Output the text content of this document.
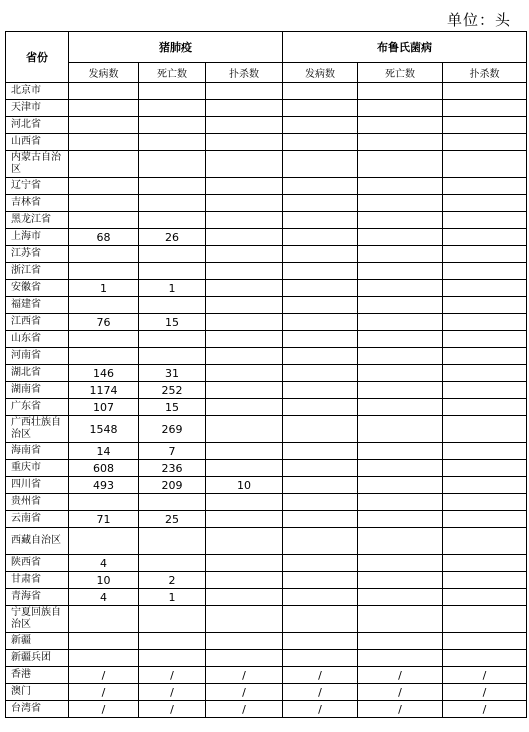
单位：头
省份	猪肺疫			布鲁氏菌病		
	发病数	死亡数	扑杀数	发病数	死亡数	扑杀数
北京市						
天津市						
河北省						
山西省						
内蒙古自治区						
辽宁省						
吉林省						
黑龙江省						
上海市	68	26				
江苏省						
浙江省						
安徽省	1	1				
福建省						
江西省	76	15				
山东省						
河南省						
湖北省	146	31				
湖南省	1174	252				
广东省	107	15				
广西壮族自治区	1548	269				
海南省	14	7				
重庆市	608	236				
四川省	493	209	10			
贵州省						
云南省	71	25				
西藏自治区						
陕西省	4					
甘肃省	10	2				
青海省	4	1				
宁夏回族自治区						
新疆						
新疆兵团						
香港	/	/	/	/	/	/
澳门	/	/	/	/	/	/
台湾省	/	/	/	/	/	/
